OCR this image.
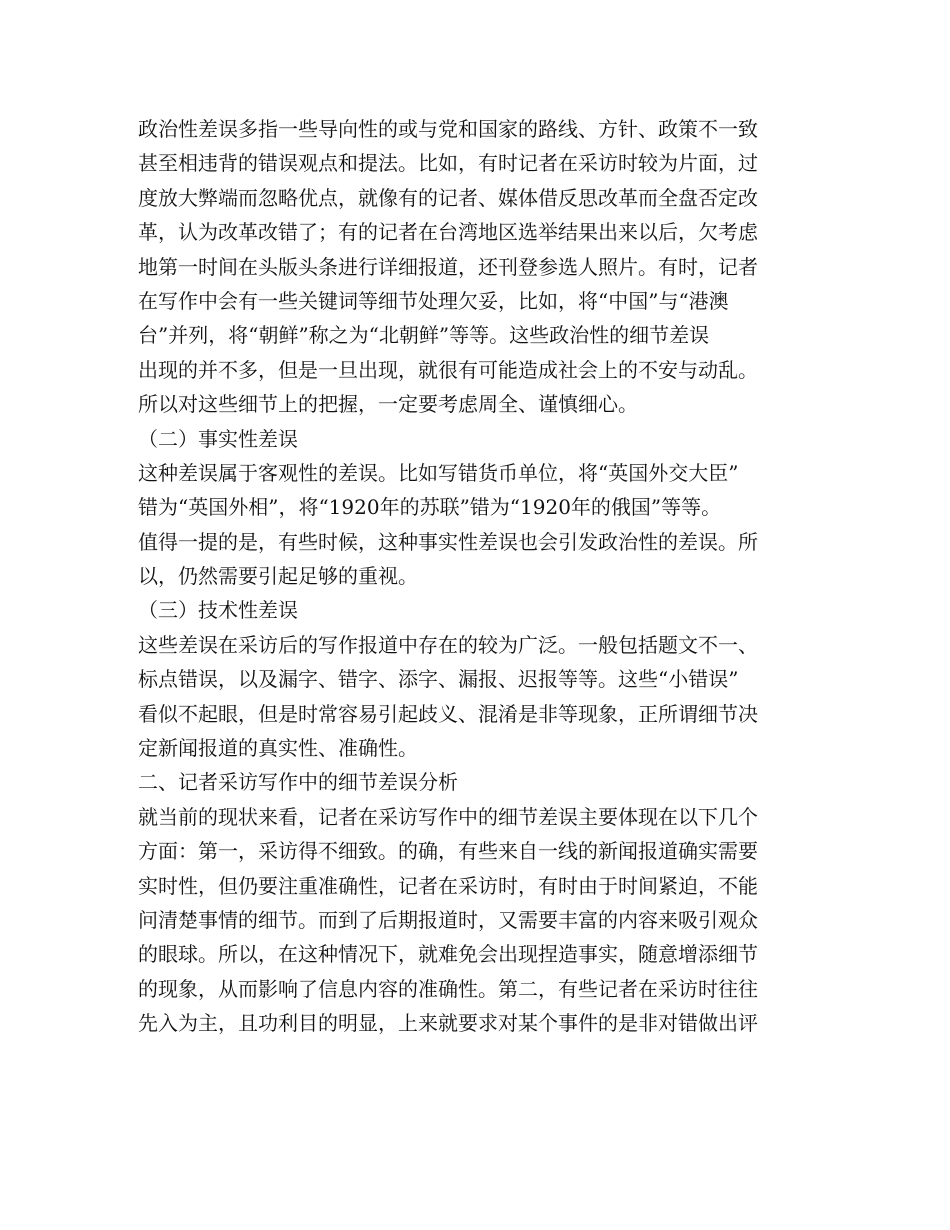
政治性差误多指一些导向性的或与党和国家的路线、方针、政策不一致
甚至相违背的错误观点和提法。比如，有时记者在采访时较为片面，过
度放大弊端而忽略优点，就像有的记者、媒体借反思改革而全盘否定改
革，认为改革改错了；有的记者在台湾地区选举结果出来以后，欠考虑
地第一时间在头版头条进行详细报道，还刊登参选人照片。有时，记者
在写作中会有一些关键词等细节处理欠妥，比如，将“中国”与“港澳
台”并列，将“朝鲜”称之为“北朝鲜”等等。这些政治性的细节差误
出现的并不多，但是一旦出现，就很有可能造成社会上的不安与动乱。
所以对这些细节上的把握，一定要考虑周全、谨慎细心。
（二）事实性差误
这种差误属于客观性的差误。比如写错货币单位，将“英国外交大臣”
错为“英国外相”，将“1920年的苏联”错为“1920年的俄国”等等。
值得一提的是，有些时候，这种事实性差误也会引发政治性的差误。所
以，仍然需要引起足够的重视。
（三）技术性差误
这些差误在采访后的写作报道中存在的较为广泛。一般包括题文不一、
标点错误，以及漏字、错字、添字、漏报、迟报等等。这些“小错误”
看似不起眼，但是时常容易引起歧义、混淆是非等现象，正所谓细节决
定新闻报道的真实性、准确性。
二、记者采访写作中的细节差误分析
就当前的现状来看，记者在采访写作中的细节差误主要体现在以下几个
方面：第一，采访得不细致。的确，有些来自一线的新闻报道确实需要
实时性，但仍要注重准确性，记者在采访时，有时由于时间紧迫，不能
问清楚事情的细节。而到了后期报道时，又需要丰富的内容来吸引观众
的眼球。所以，在这种情况下，就难免会出现捏造事实，随意增添细节
的现象，从而影响了信息内容的准确性。第二，有些记者在采访时往往
先入为主，且功利目的明显，上来就要求对某个事件的是非对错做出评
